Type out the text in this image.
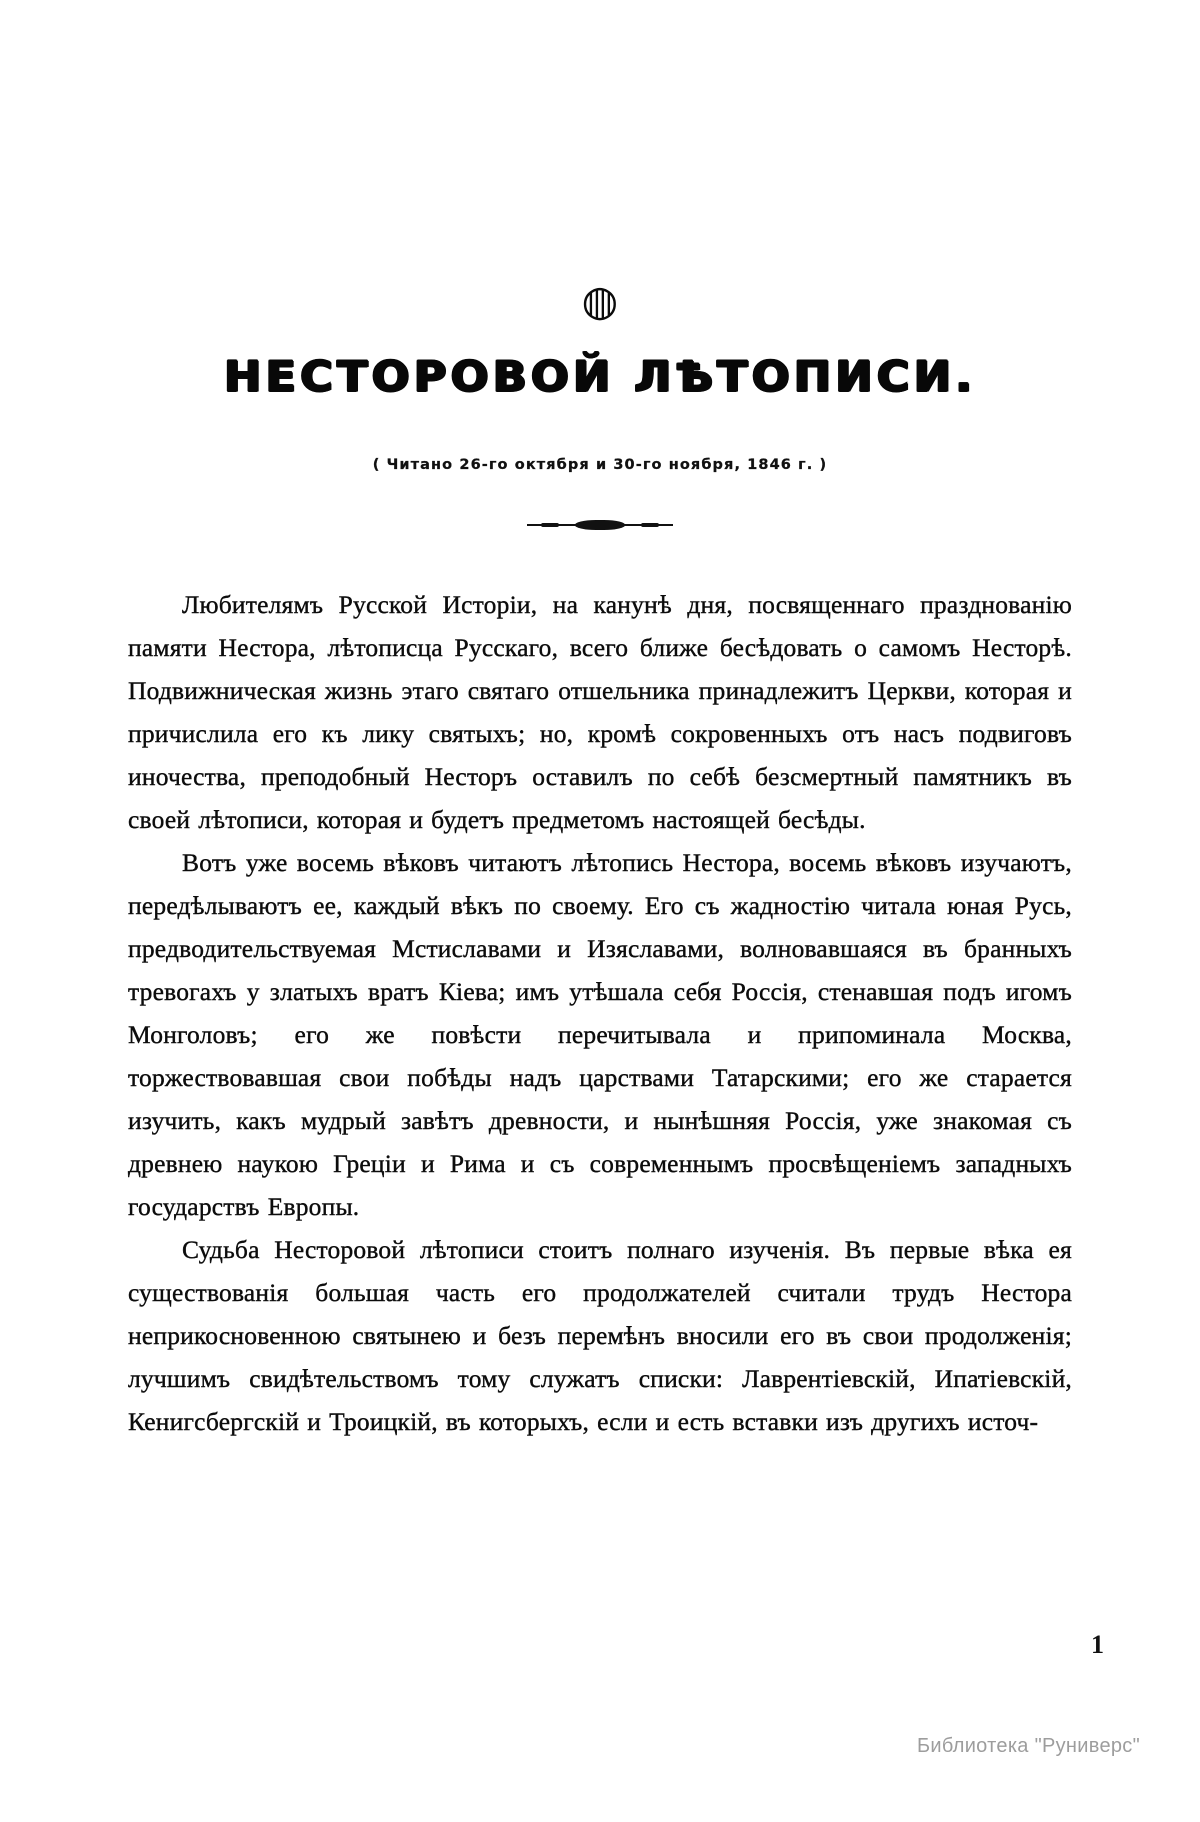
◍
НЕСТОРОВОЙ ЛѢТОПИСИ.
( Читано 26-го октября и 30-го ноября, 1846 г. )

Любителямъ Русской Исторіи, на канунѣ дня, посвященнаго празднованію памяти Нестора, лѣтописца Русскаго, всего ближе бесѣдовать о самомъ Несторѣ. Подвижническая жизнь этаго святаго отшельника принадлежитъ Церкви, которая и причислила его къ лику святыхъ; но, кромѣ сокровенныхъ отъ насъ подвиговъ иночества, преподобный Несторъ оставилъ по себѣ безсмертный памятникъ въ своей лѣтописи, которая и будетъ предметомъ настоящей бесѣды.

Вотъ уже восемь вѣковъ читаютъ лѣтопись Нестора, восемь вѣковъ изучаютъ, передѣлываютъ ее, каждый вѣкъ по своему. Его съ жадностію читала юная Русь, предводительствуемая Мстиславами и Изяславами, волновавшаяся въ бранныхъ тревогахъ у златыхъ вратъ Кіева; имъ утѣшала себя Россія, стенавшая подъ игомъ Монголовъ; его же повѣсти перечитывала и припоминала Москва, торжествовавшая свои побѣды надъ царствами Татарскими; его же старается изучить, какъ мудрый завѣтъ древности, и нынѣшняя Россія, уже знакомая съ древнею наукою Греціи и Рима и съ современнымъ просвѣщеніемъ западныхъ государствъ Европы.

Судьба Несторовой лѣтописи стоитъ полнаго изученія. Въ первые вѣка ея существованія большая часть его продолжателей считали трудъ Нестора неприкосновенною святынею и безъ перемѣнъ вносили его въ свои продолженія; лучшимъ свидѣтельствомъ тому служатъ списки: Лаврентіевскій, Ипатіевскій, Кенигсбергскій и Троицкій, въ которыхъ, если и есть вставки изъ другихъ источ-

1
Библиотека "Руниверс"
